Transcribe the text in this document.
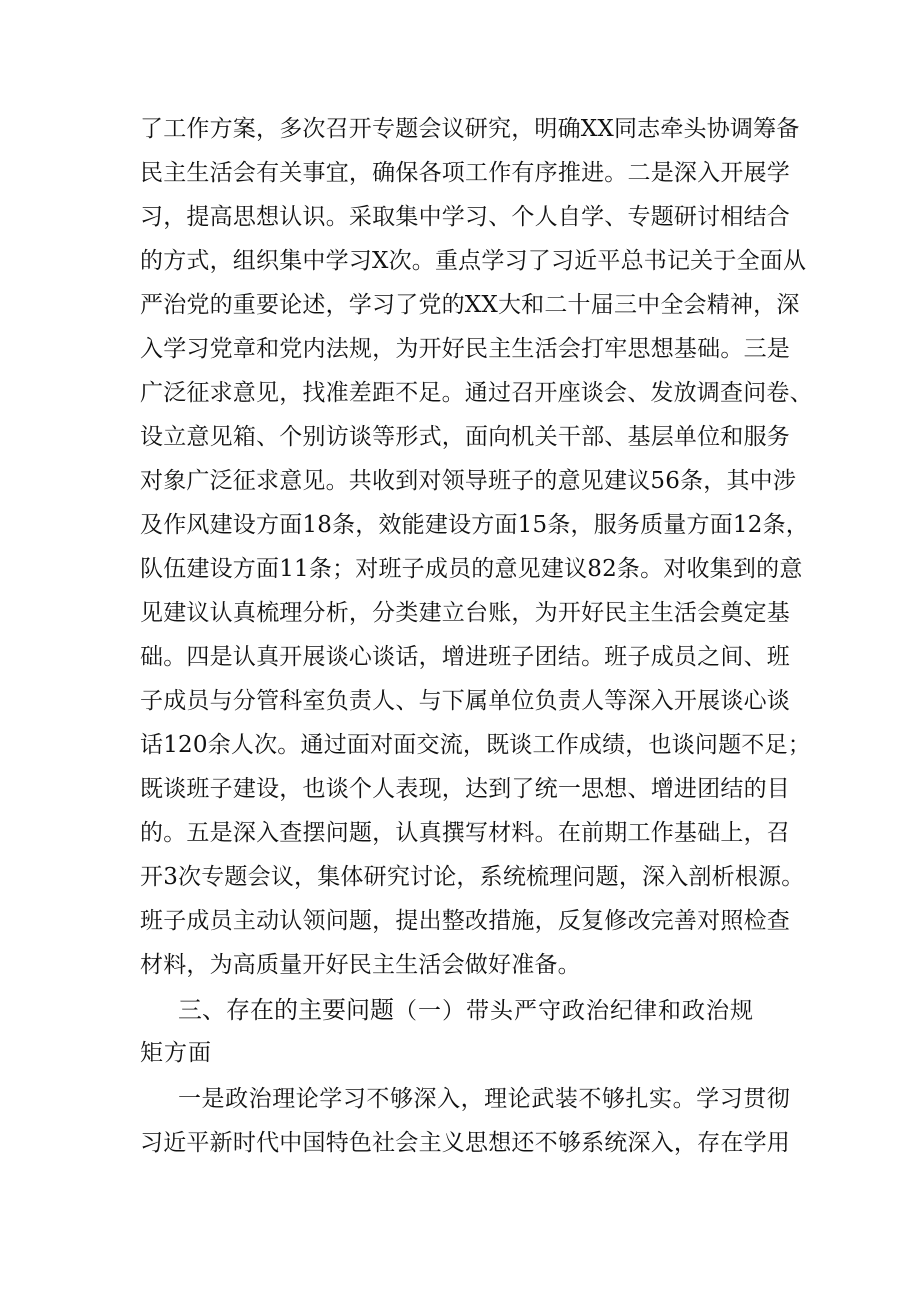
了工作方案，多次召开专题会议研究，明确XX同志牵头协调筹备
民主生活会有关事宜，确保各项工作有序推进。二是深入开展学
习，提高思想认识。采取集中学习、个人自学、专题研讨相结合
的方式，组织集中学习X次。重点学习了习近平总书记关于全面从
严治党的重要论述，学习了党的XX大和二十届三中全会精神，深
入学习党章和党内法规，为开好民主生活会打牢思想基础。三是
广泛征求意见，找准差距不足。通过召开座谈会、发放调查问卷、
设立意见箱、个别访谈等形式，面向机关干部、基层单位和服务
对象广泛征求意见。共收到对领导班子的意见建议56条，其中涉
及作风建设方面18条，效能建设方面15条，服务质量方面12条，
队伍建设方面11条；对班子成员的意见建议82条。对收集到的意
见建议认真梳理分析，分类建立台账，为开好民主生活会奠定基
础。四是认真开展谈心谈话，增进班子团结。班子成员之间、班
子成员与分管科室负责人、与下属单位负责人等深入开展谈心谈
话120余人次。通过面对面交流，既谈工作成绩，也谈问题不足；
既谈班子建设，也谈个人表现，达到了统一思想、增进团结的目
的。五是深入查摆问题，认真撰写材料。在前期工作基础上，召
开3次专题会议，集体研究讨论，系统梳理问题，深入剖析根源。
班子成员主动认领问题，提出整改措施，反复修改完善对照检查
材料，为高质量开好民主生活会做好准备。
三、存在的主要问题（一）带头严守政治纪律和政治规
矩方面
一是政治理论学习不够深入，理论武装不够扎实。学习贯彻
习近平新时代中国特色社会主义思想还不够系统深入，存在学用
